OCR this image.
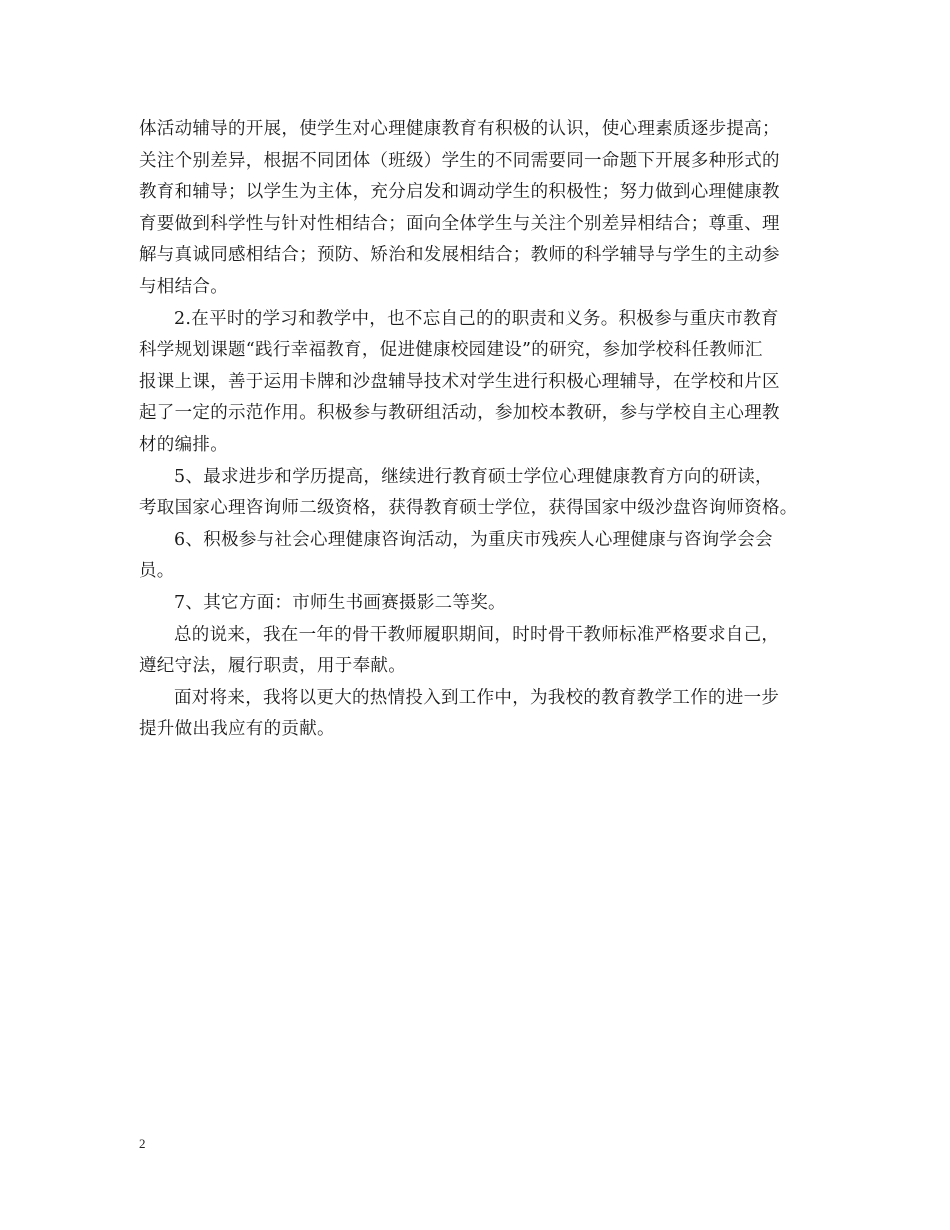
体活动辅导的开展，使学生对心理健康教育有积极的认识，使心理素质逐步提高；
关注个别差异，根据不同团体（班级）学生的不同需要同一命题下开展多种形式的
教育和辅导；以学生为主体，充分启发和调动学生的积极性；努力做到心理健康教
育要做到科学性与针对性相结合；面向全体学生与关注个别差异相结合；尊重、理
解与真诚同感相结合；预防、矫治和发展相结合；教师的科学辅导与学生的主动参
与相结合。

2.在平时的学习和教学中，也不忘自己的的职责和义务。积极参与重庆市教育
科学规划课题“践行幸福教育，促进健康校园建设”的研究，参加学校科任教师汇
报课上课，善于运用卡牌和沙盘辅导技术对学生进行积极心理辅导，在学校和片区
起了一定的示范作用。积极参与教研组活动，参加校本教研，参与学校自主心理教
材的编排。

5、最求进步和学历提高，继续进行教育硕士学位心理健康教育方向的研读，
考取国家心理咨询师二级资格，获得教育硕士学位，获得国家中级沙盘咨询师资格。

6、积极参与社会心理健康咨询活动，为重庆市残疾人心理健康与咨询学会会
员。

7、其它方面：市师生书画赛摄影二等奖。

总的说来，我在一年的骨干教师履职期间，时时骨干教师标准严格要求自己，
遵纪守法，履行职责，用于奉献。

面对将来，我将以更大的热情投入到工作中，为我校的教育教学工作的进一步
提升做出我应有的贡献。

2
